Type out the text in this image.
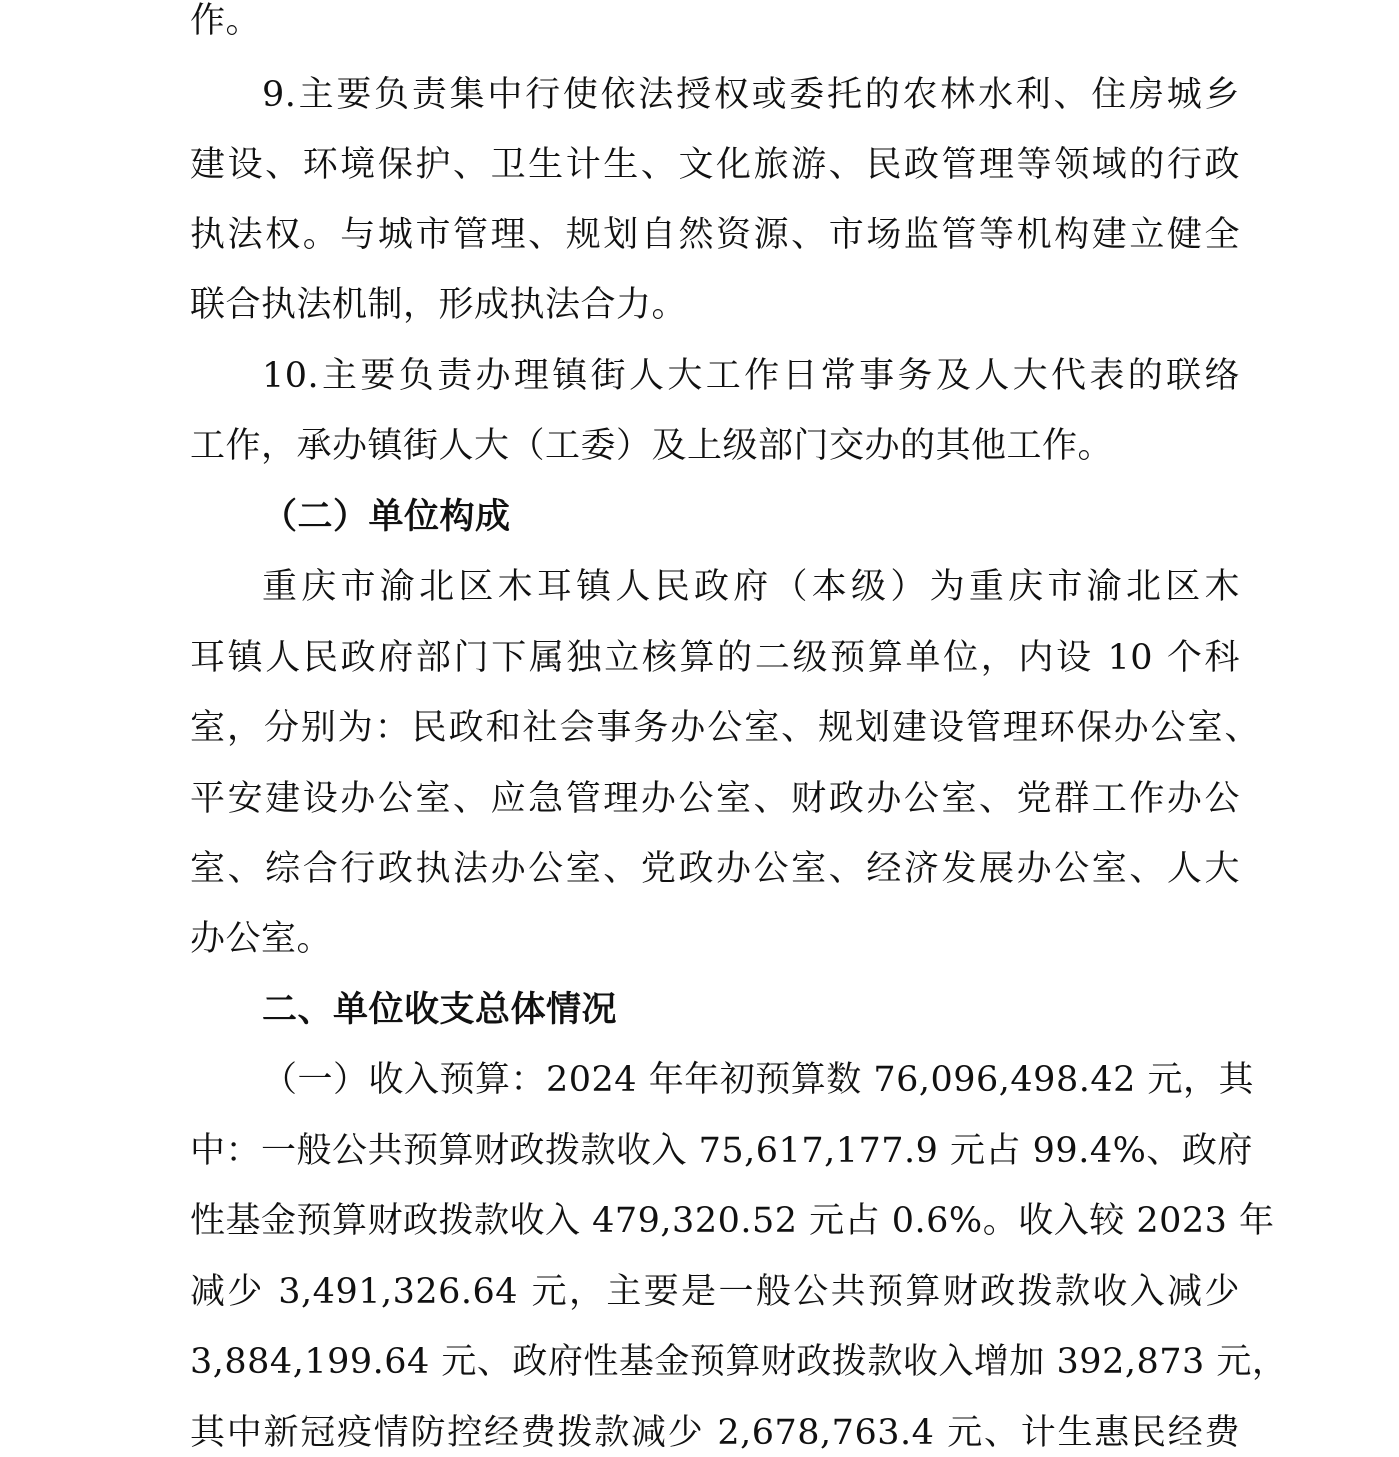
作。
9.主要负责集中行使依法授权或委托的农林水利、住房城乡
建设、环境保护、卫生计生、文化旅游、民政管理等领域的行政
执法权。与城市管理、规划自然资源、市场监管等机构建立健全
联合执法机制，形成执法合力。
10.主要负责办理镇街人大工作日常事务及人大代表的联络
工作，承办镇街人大（工委）及上级部门交办的其他工作。
（二）单位构成
重庆市渝北区木耳镇人民政府（本级）为重庆市渝北区木
耳镇人民政府部门下属独立核算的二级预算单位，内设 10 个科
室，分别为：民政和社会事务办公室、规划建设管理环保办公室、
平安建设办公室、应急管理办公室、财政办公室、党群工作办公
室、综合行政执法办公室、党政办公室、经济发展办公室、人大
办公室。
二、单位收支总体情况
（一）收入预算：2024 年年初预算数 76,096,498.42 元，其
中：一般公共预算财政拨款收入 75,617,177.9 元占 99.4%、政府
性基金预算财政拨款收入 479,320.52 元占 0.6%。收入较 2023 年
减少 3,491,326.64 元，主要是一般公共预算财政拨款收入减少
3,884,199.64 元、政府性基金预算财政拨款收入增加 392,873 元，
其中新冠疫情防控经费拨款减少 2,678,763.4 元、计生惠民经费
